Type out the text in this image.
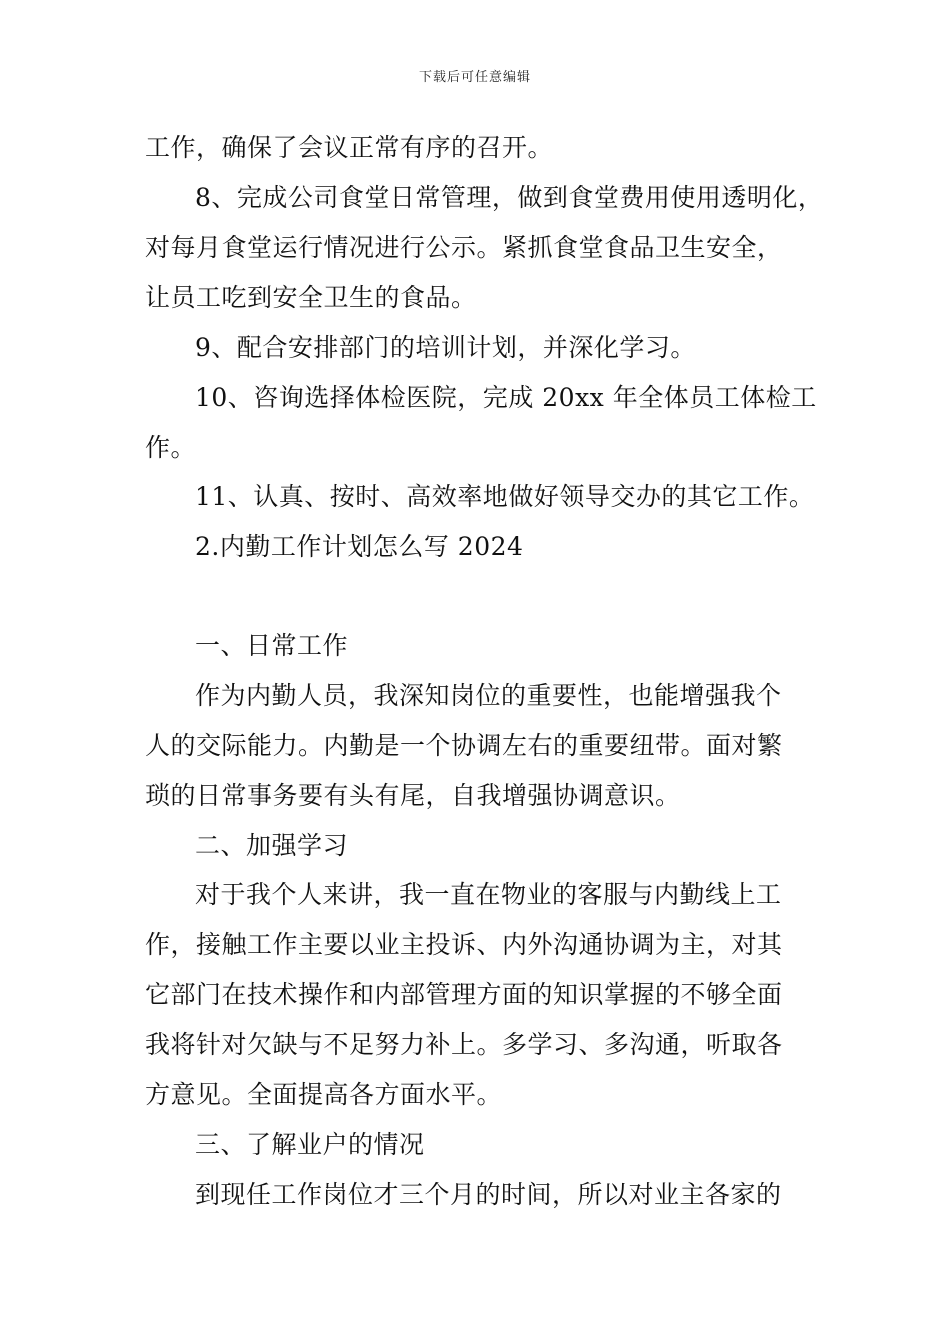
下载后可任意编辑
工作，确保了会议正常有序的召开。
8、完成公司食堂日常管理，做到食堂费用使用透明化，
对每月食堂运行情况进行公示。紧抓食堂食品卫生安全，
让员工吃到安全卫生的食品。
9、配合安排部门的培训计划，并深化学习。
10、咨询选择体检医院，完成 20xx 年全体员工体检工
作。
11、认真、按时、高效率地做好领导交办的其它工作。
2.内勤工作计划怎么写 2024
一、日常工作
作为内勤人员，我深知岗位的重要性，也能增强我个
人的交际能力。内勤是一个协调左右的重要纽带。面对繁
琐的日常事务要有头有尾，自我增强协调意识。
二、加强学习
对于我个人来讲，我一直在物业的客服与内勤线上工
作，接触工作主要以业主投诉、内外沟通协调为主，对其
它部门在技术操作和内部管理方面的知识掌握的不够全面
我将针对欠缺与不足努力补上。多学习、多沟通，听取各
方意见。全面提高各方面水平。
三、了解业户的情况
到现任工作岗位才三个月的时间，所以对业主各家的
